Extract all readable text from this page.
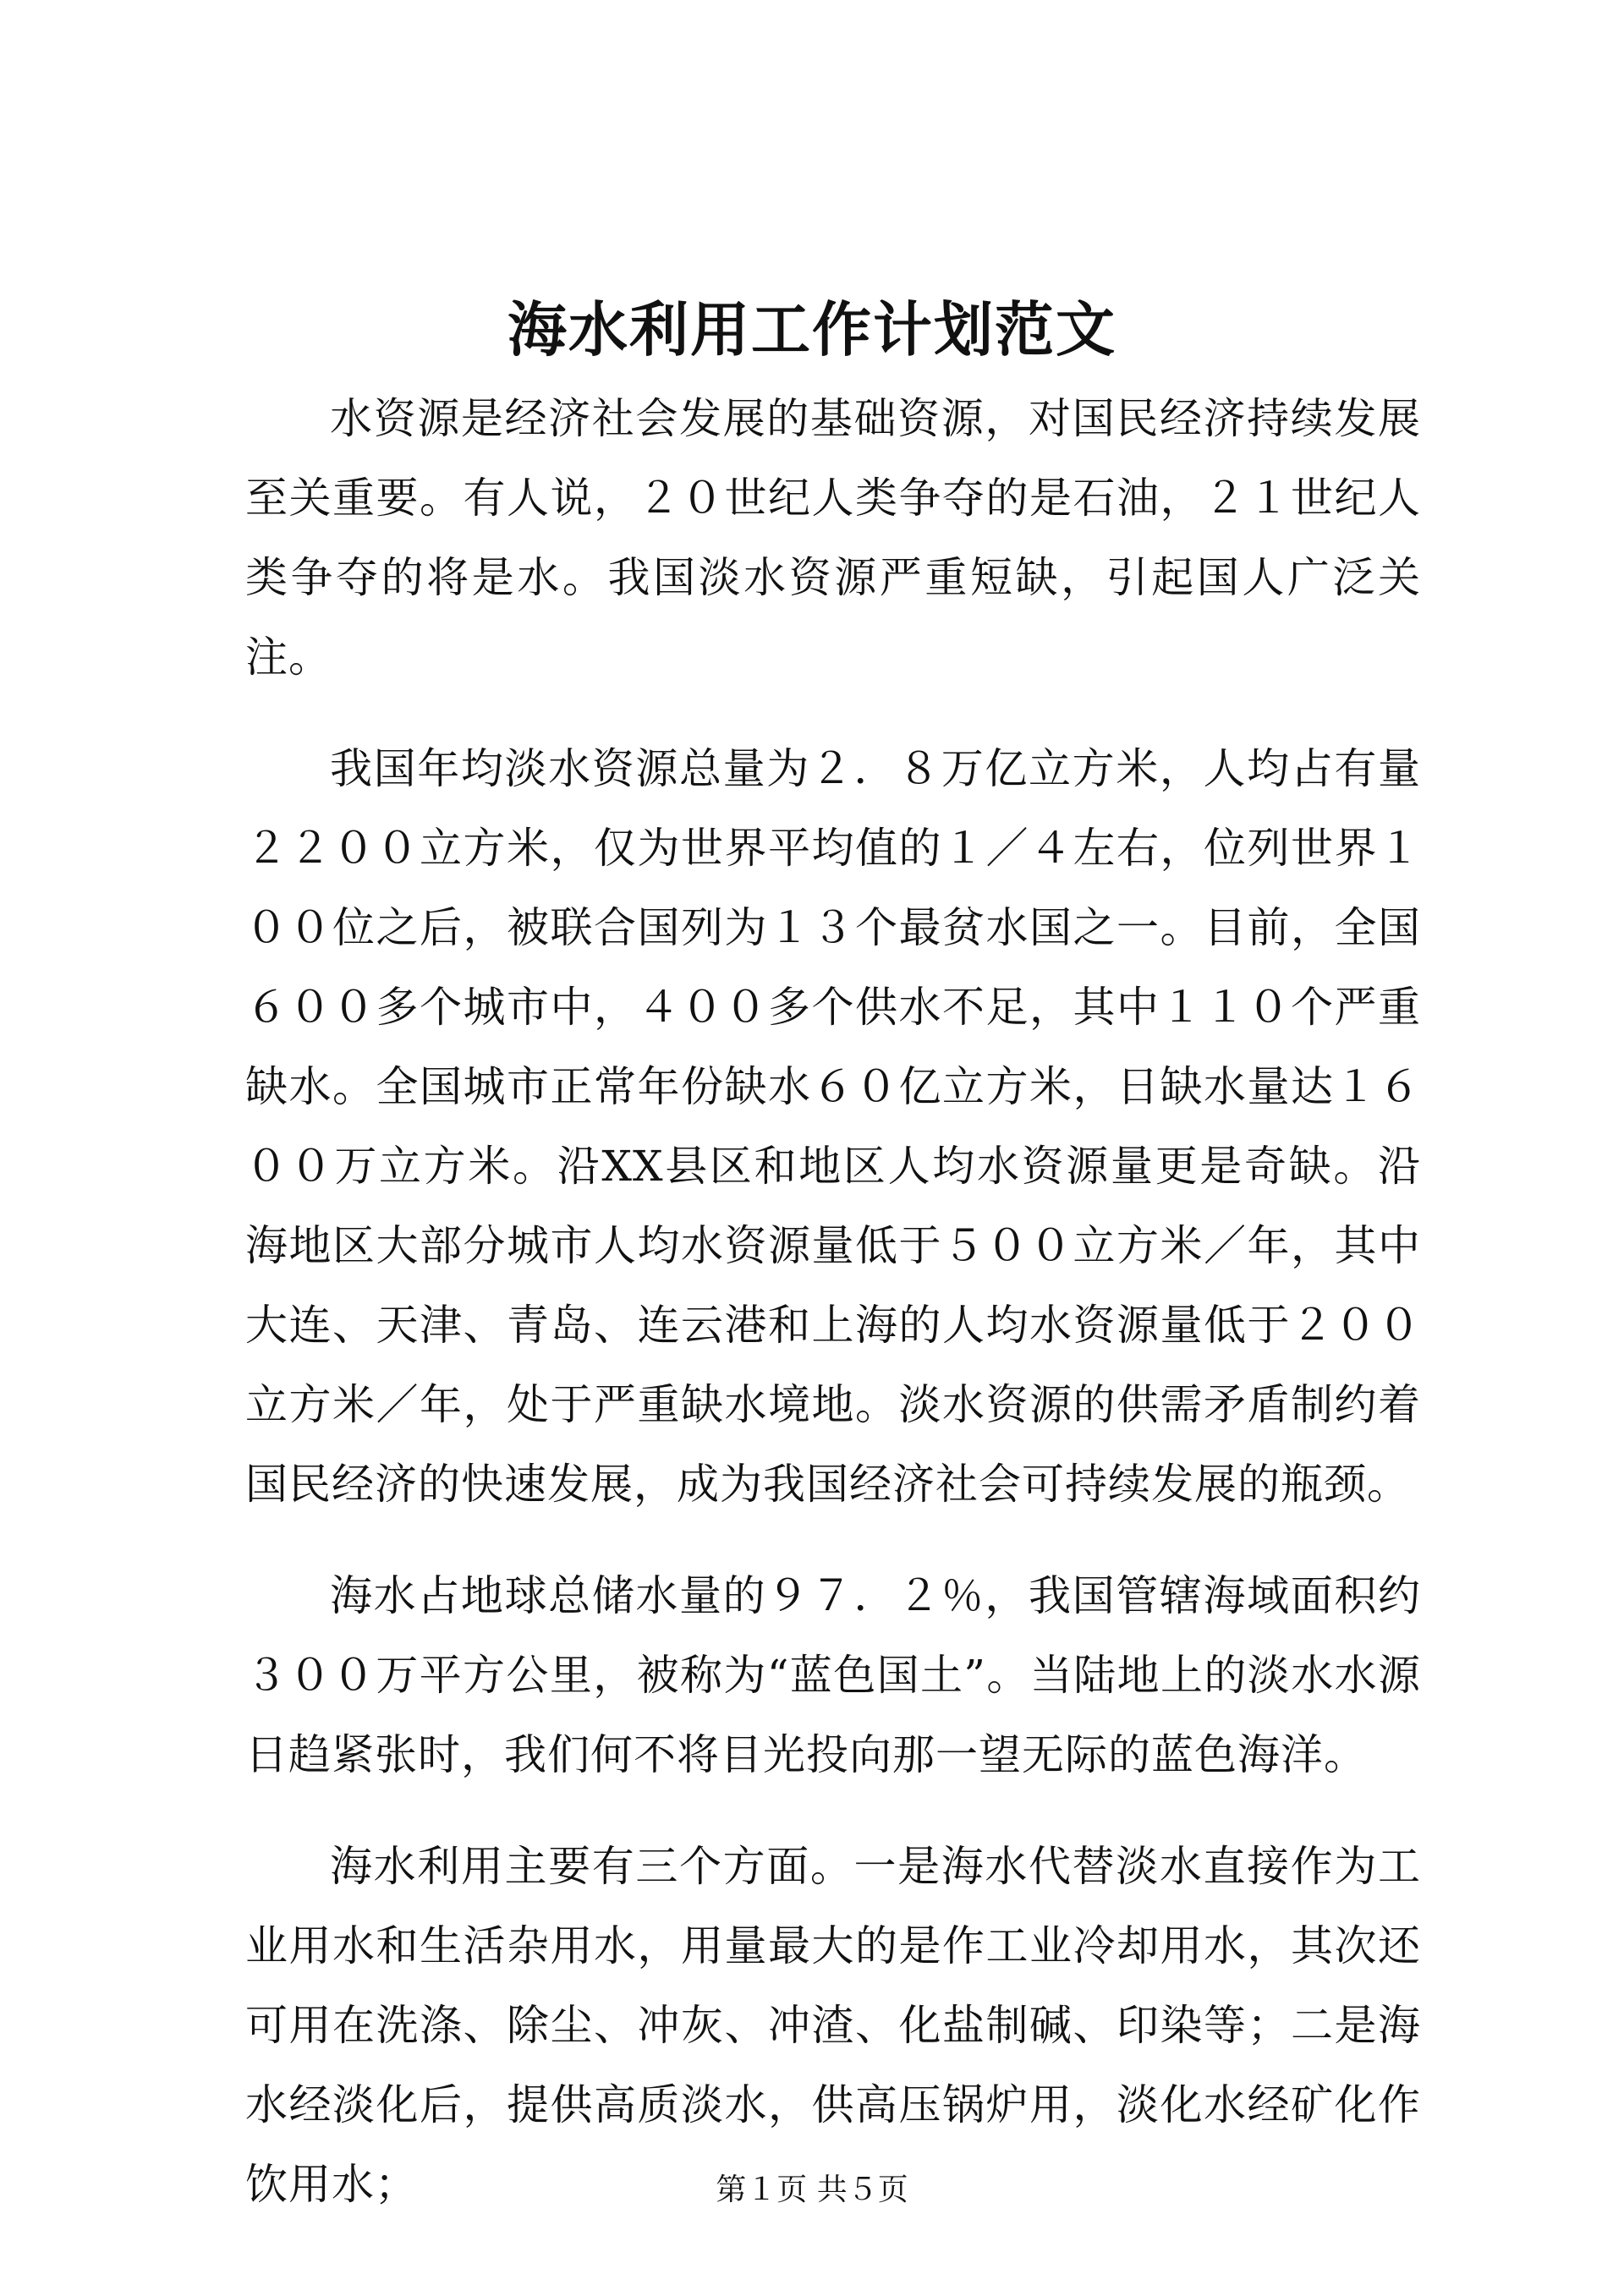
海水利用工作计划范文

水资源是经济社会发展的基础资源，对国民经济持续发展至关重要。有人说，２０世纪人类争夺的是石油，２１世纪人类争夺的将是水。我国淡水资源严重短缺，引起国人广泛关注。

我国年均淡水资源总量为２．８万亿立方米，人均占有量２２００立方米，仅为世界平均值的１／４左右，位列世界１００位之后，被联合国列为１３个最贫水国之一。目前，全国６００多个城市中，４００多个供水不足，其中１１０个严重缺水。全国城市正常年份缺水６０亿立方米，日缺水量达１６００万立方米。沿XX县区和地区人均水资源量更是奇缺。沿海地区大部分城市人均水资源量低于５００立方米／年，其中大连、天津、青岛、连云港和上海的人均水资源量低于２００立方米／年，处于严重缺水境地。淡水资源的供需矛盾制约着国民经济的快速发展，成为我国经济社会可持续发展的瓶颈。

海水占地球总储水量的９７．２％，我国管辖海域面积约３００万平方公里，被称为“蓝色国土”。当陆地上的淡水水源日趋紧张时，我们何不将目光投向那一望无际的蓝色海洋。

海水利用主要有三个方面。一是海水代替淡水直接作为工业用水和生活杂用水，用量最大的是作工业冷却用水，其次还可用在洗涤、除尘、冲灰、冲渣、化盐制碱、印染等；二是海水经淡化后，提供高质淡水，供高压锅炉用，淡化水经矿化作饮用水；	第１页 共５页
